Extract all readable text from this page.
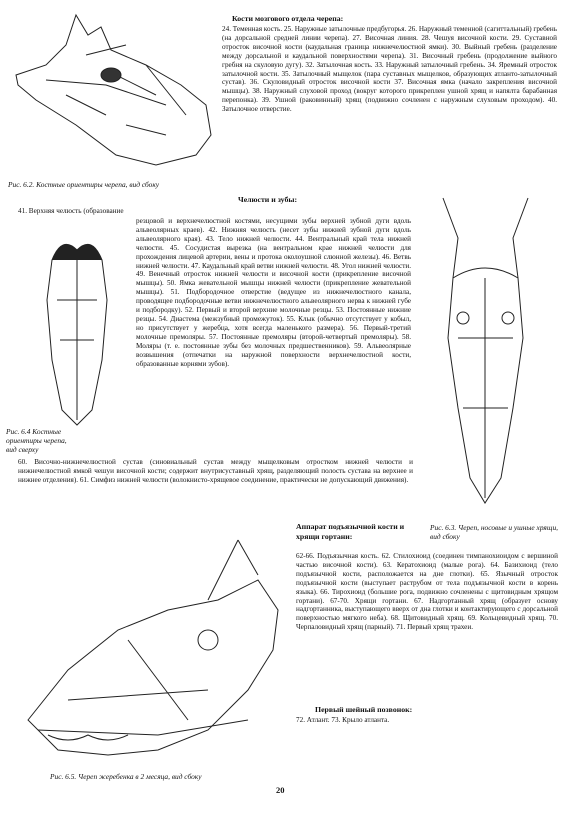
Рис. 6.2. Костные ориентиры черепа, вид сбоку
Кости мозгового отдела черепа:

24. Теменная кость. 25. Наружные затылочные предбугорья. 26. Наружный теменной (сагиттальный) гребень (на дорсальной средней линии черепа). 27. Височная линия. 28. Чешуя височной кости. 29. Суставной отросток височной кости (каудальная граница нижнечелюстной ямки). 30. Выйный гребень (разделение между дорсальной и каудальной поверхностями черепа). 31. Височный гребень (продолжение выйного гребня на скуловую дугу). 32. Затылочная кость. 33. Наружный затылочный гребень. 34. Яремный отросток затылочной кости. 35. Затылочный мыщелок (пара суставных мыщелков, образующих атланто-затылочный сустав). 36. Скуловидный отросток височной кости 37. Височная ямка (начало закрепления височной мышцы). 38. Наружный слуховой проход (вокруг которого прикреплен ушной хрящ и напялта барабанная перепонка). 39. Ушной (раковинный) хрящ (подвижно сочленен с наружным слуховым проходом). 40. Затылочное отверстие.

Челюсти и зубы:
41. Верхняя челюсть (образование
Рис. 6.4 Костные ориентиры черепа, вид сверху

резцовой и верхнечелюстной костями, несущими зубы верхней зубной дуги вдоль альвеолярных краев). 42. Нижняя челюсть (несет зубы нижней зубной дуги вдоль альвеолярного края). 43. Тело нижней челюсти. 44. Вентральный край тела нижней челюсти. 45. Сосудистая вырезка (на вентральном крае нижней челюсти для прохождения лицевой артерии, вены и протока околоушной слюнной железы). 46. Ветвь нижней челюсти. 47. Каудальный край ветви нижней челюсти. 48. Угол нижней челюсти. 49. Венечный отросток нижней челюсти и височной кости (прикрепление височной мышцы). 50. Ямка жевательной мышцы нижней челюсти (прикрепление жевательной мышцы). 51. Подбородочное отверстие (ведущее из нижнечелюстного канала, проводящее подбородочные ветви нижнечелюстного альвеолярного нерва к нижней губе и подбородку). 52. Первый и второй верхние молочные резцы. 53. Постоянные нижние резцы. 54. Диастема (межзубный промежуток). 55. Клык (обычно отсутствует у кобыл, но присутствует у жеребца, хотя всегда маленького размера). 56. Первый-третий молочные премоляры. 57. Постоянные премоляры (второй-четвертый премоляры). 58. Моляры (т. е. постоянные зубы без молочных предшественников). 59. Альвеолярные возвышения (отпечатки на наружной поверхности верхнечелюстной кости, образованные корнями зубов).

60. Височно-нижнечелюстной сустав (синовиальный сустав между мыщелковым отростком нижней челюсти и нижнечелюстной ямкой чешуи височной кости; содержит внутрисуставный хрящ, разделяющий полость сустава на верхнее и нижнее отделения). 61. Симфиз нижней челюсти (волокнисто-хрящевое соединение, практически не допускающий движения).

Рис. 6.3. Череп, носовые и ушные хрящи, вид сбоку
Рис. 6.5. Череп жеребенка в 2 месяца, вид сбоку
Аппарат подъязычной кости и хрящи гортани:

62-66. Подъязычная кость. 62. Стилохиоид (соединен тимпанохиоидом с вершиной частью височной кости). 63. Кератохиоид (малые рога). 64. Базихиоид (тело подъязычной кости, расположается на дне глотки). 65. Язычный отросток подъязычной кости (выступает раструбом от тела подъязычной кости в корень языка). 66. Тирохиоид (большие рога, подвижно сочленены с щитовидным хрящом гортани). 67-70. Хрящи гортани. 67. Надгортанный хрящ (образует основу надгортанника, выступающего вверх от дна глотки и контактирующего с дорсальной поверхностью мягкого неба). 68. Щитовидный хрящ. 69. Кольцевидный хрящ. 70. Черпаловидный хрящ (парный). 71. Первый хрящ трахеи.

Первый шейный позвонок:
72. Атлант. 73. Крыло атланта.
20
